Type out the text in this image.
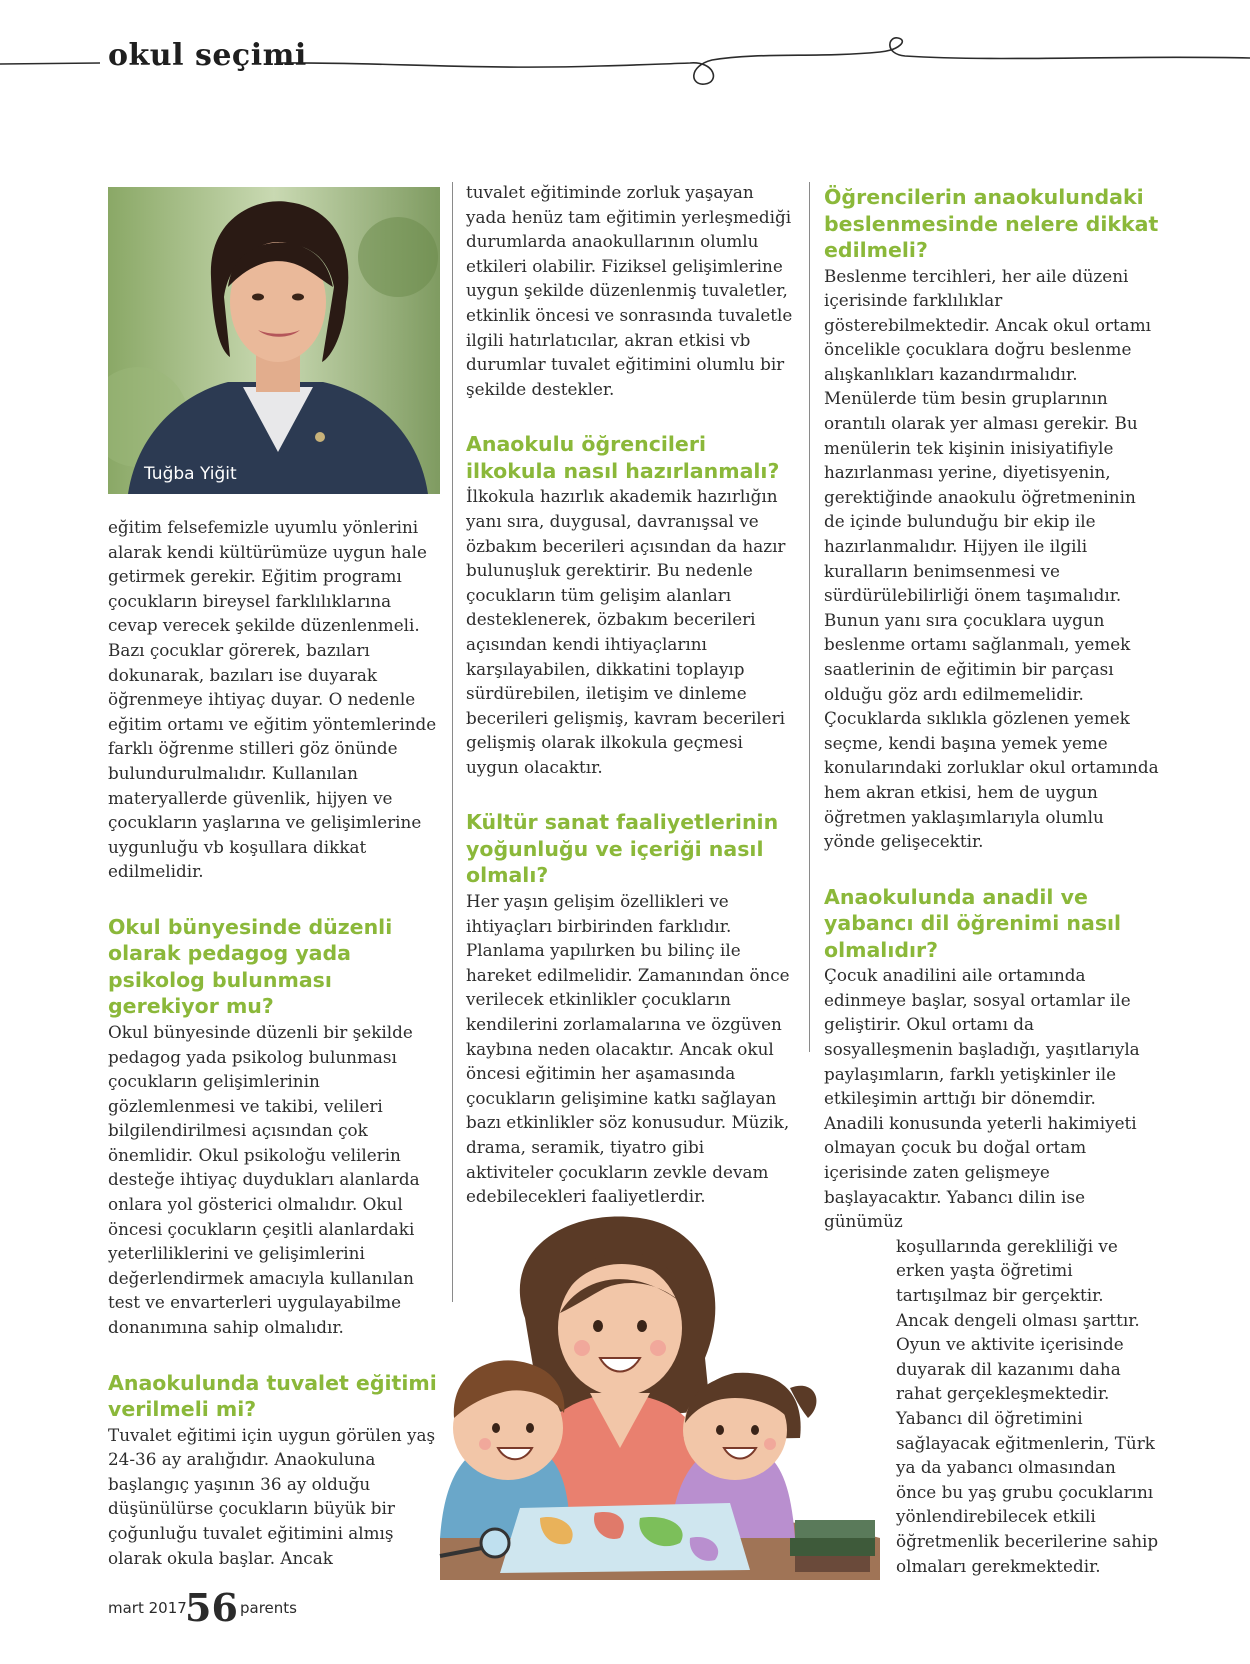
okul seçimi
Tuğba Yiğit

eğitim felsefemizle uyumlu yönlerini alarak kendi kültürümüze uygun hale getirmek gerekir. Eğitim programı çocukların bireysel farklılıklarına cevap verecek şekilde düzenlenmeli. Bazı çocuklar görerek, bazıları dokunarak, bazıları ise duyarak öğrenmeye ihtiyaç duyar. O nedenle eğitim ortamı ve eğitim yöntemlerinde farklı öğrenme stilleri göz önünde bulundurulmalıdır. Kullanılan materyallerde güvenlik, hijyen ve çocukların yaşlarına ve gelişimlerine uygunluğu vb koşullara dikkat edilmelidir.

Okul bünyesinde düzenli olarak pedagog yada psikolog bulunması gerekiyor mu?

Okul bünyesinde düzenli bir şekilde pedagog yada psikolog bulunması çocukların gelişimlerinin gözlemlenmesi ve takibi, velileri bilgilendirilmesi açısından çok önemlidir. Okul psikoloğu velilerin desteğe ihtiyaç duydukları alanlarda onlara yol gösterici olmalıdır. Okul öncesi çocukların çeşitli alanlardaki yeterliliklerini ve gelişimlerini değerlendirmek amacıyla kullanılan test ve envarterleri uygulayabilme donanımına sahip olmalıdır.

Anaokulunda tuvalet eğitimi verilmeli mi?

Tuvalet eğitimi için uygun görülen yaş 24-36 ay aralığıdır. Anaokuluna başlangıç yaşının 36 ay olduğu düşünülürse çocukların büyük bir çoğunluğu tuvalet eğitimini almış olarak okula başlar. Ancak

tuvalet eğitiminde zorluk yaşayan yada henüz tam eğitimin yerleşmediği durumlarda anaokullarının olumlu etkileri olabilir. Fiziksel gelişimlerine uygun şekilde düzenlenmiş tuvaletler, etkinlik öncesi ve sonrasında tuvaletle ilgili hatırlatıcılar, akran etkisi vb durumlar tuvalet eğitimini olumlu bir şekilde destekler.

Anaokulu öğrencileri ilkokula nasıl hazırlanmalı?

İlkokula hazırlık akademik hazırlığın yanı sıra, duygusal, davranışsal ve özbakım becerileri açısından da hazır bulunuşluk gerektirir. Bu nedenle çocukların tüm gelişim alanları desteklenerek, özbakım becerileri açısından kendi ihtiyaçlarını karşılayabilen, dikkatini toplayıp sürdürebilen, iletişim ve dinleme becerileri gelişmiş, kavram becerileri gelişmiş olarak ilkokula geçmesi uygun olacaktır.

Kültür sanat faaliyetlerinin yoğunluğu ve içeriği nasıl olmalı?

Her yaşın gelişim özellikleri ve ihtiyaçları birbirinden farklıdır. Planlama yapılırken bu bilinç ile hareket edilmelidir. Zamanından önce verilecek etkinlikler çocukların kendilerini zorlamalarına ve özgüven kaybına neden olacaktır. Ancak okul öncesi eğitimin her aşamasında çocukların gelişimine katkı sağlayan bazı etkinlikler söz konusudur. Müzik, drama, seramik, tiyatro gibi aktiviteler çocukların zevkle devam edebilecekleri faaliyetlerdir.

Öğrencilerin anaokulundaki beslenmesinde nelere dikkat edilmeli?

Beslenme tercihleri, her aile düzeni içerisinde farklılıklar gösterebilmektedir. Ancak okul ortamı öncelikle çocuklara doğru beslenme alışkanlıkları kazandırmalıdır. Menülerde tüm besin gruplarının orantılı olarak yer alması gerekir. Bu menülerin tek kişinin inisiyatifiyle hazırlanması yerine, diyetisyenin, gerektiğinde anaokulu öğretmeninin de içinde bulunduğu bir ekip ile hazırlanmalıdır. Hijyen ile ilgili kuralların benimsenmesi ve sürdürülebilirliği önem taşımalıdır. Bunun yanı sıra çocuklara uygun beslenme ortamı sağlanmalı, yemek saatlerinin de eğitimin bir parçası olduğu göz ardı edilmemelidir. Çocuklarda sıklıkla gözlenen yemek seçme, kendi başına yemek yeme konularındaki zorluklar okul ortamında hem akran etkisi, hem de uygun öğretmen yaklaşımlarıyla olumlu yönde gelişecektir.

Anaokulunda anadil ve yabancı dil öğrenimi nasıl olmalıdır?

Çocuk anadilini aile ortamında edinmeye başlar, sosyal ortamlar ile geliştirir. Okul ortamı da sosyalleşmenin başladığı, yaşıtlarıyla paylaşımların, farklı yetişkinler ile etkileşimin arttığı bir dönemdir. Anadili konusunda yeterli hakimiyeti olmayan çocuk bu doğal ortam içerisinde zaten gelişmeye başlayacaktır. Yabancı dilin ise günümüz

koşullarında gerekliliği ve erken yaşta öğretimi tartışılmaz bir gerçektir. Ancak dengeli olması şarttır. Oyun ve aktivite içerisinde duyarak dil kazanımı daha rahat gerçekleşmektedir. Yabancı dil öğretimini sağlayacak eğitmenlerin, Türk ya da yabancı olmasından önce bu yaş grubu çocuklarını yönlendirebilecek etkili öğretmenlik becerilerine sahip olmaları gerekmektedir.

mart 2017
56 parents
